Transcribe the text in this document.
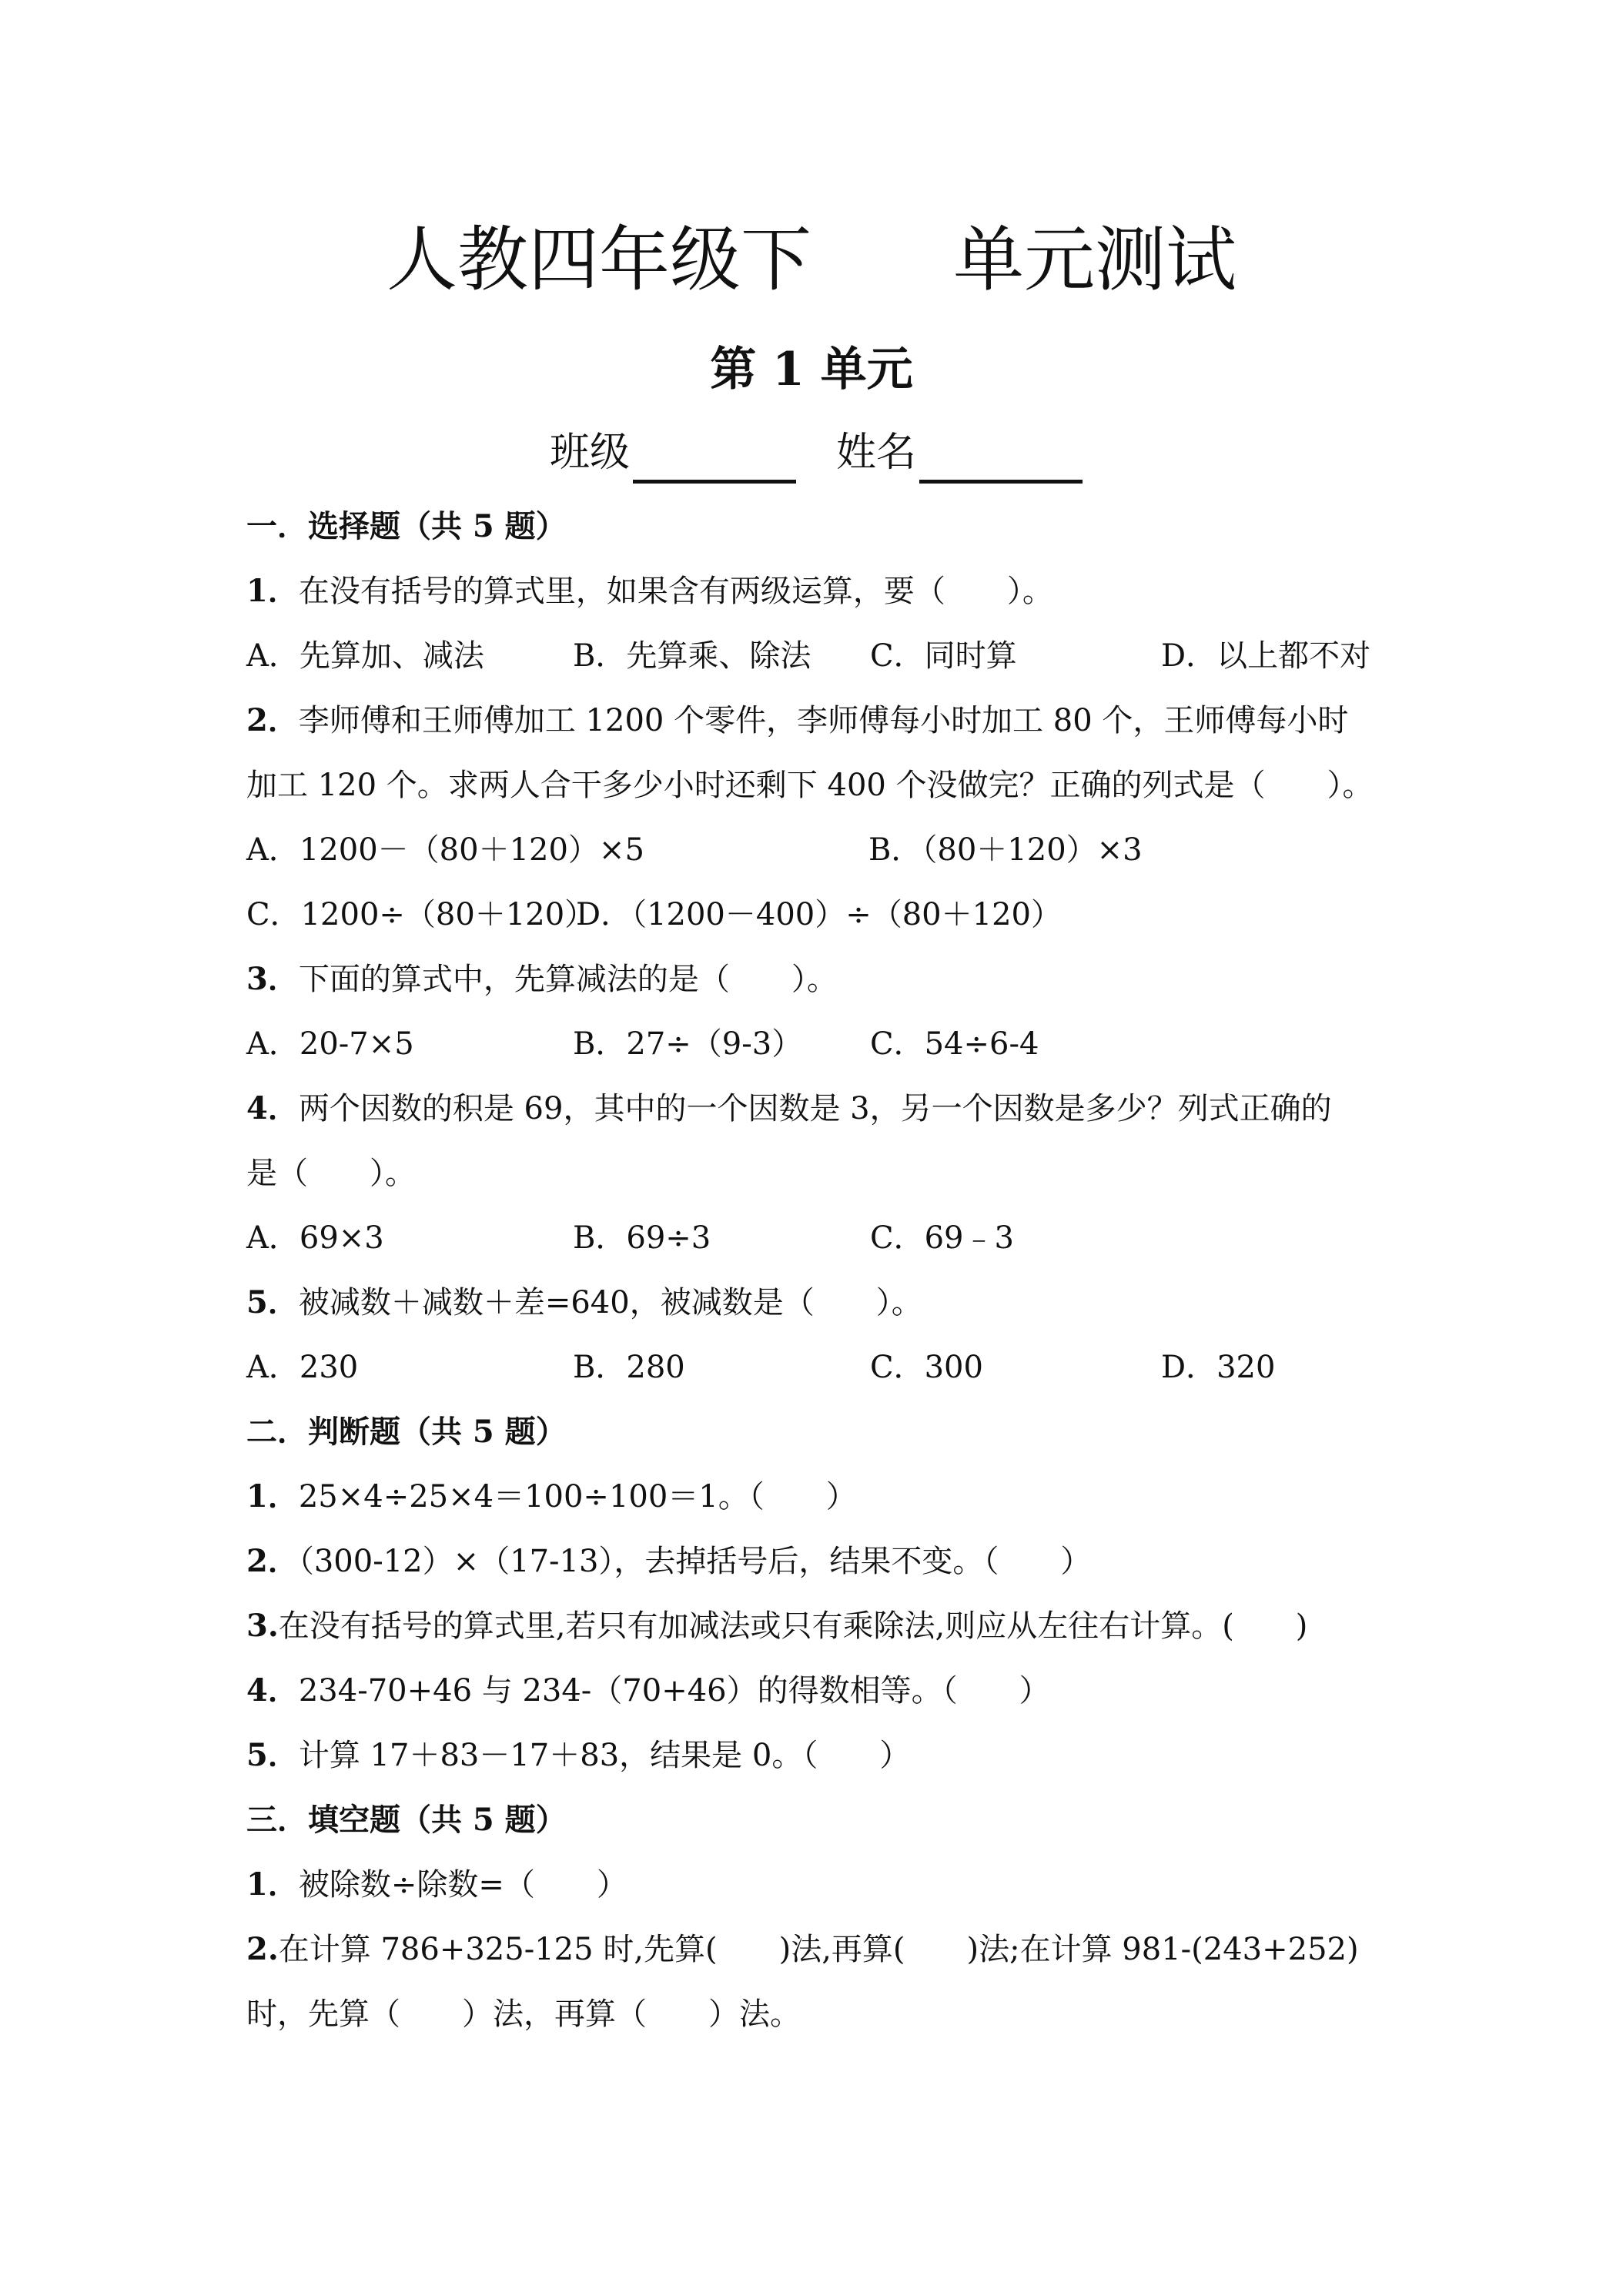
人教四年级下　　单元测试
第 1 单元
班级	姓名
一．选择题（共 5 题）
1．在没有括号的算式里，如果含有两级运算，要（　　）。
A．先算加、减法	B．先算乘、除法 C．同时算	D．以上都不对
2．李师傅和王师傅加工 1200 个零件，李师傅每小时加工 80 个，王师傅每小时
加工 120 个。求两人合干多少小时还剩下 400 个没做完？正确的列式是（　　）。
A．1200－（80＋120）×5	B．（80＋120）×3
C．1200÷（80＋120）
D．（1200－400）÷（80＋120）
3．下面的算式中，先算减法的是（　　）。
A．20-7×5	B．27÷（9-3） C．54÷6-4
4．两个因数的积是 69，其中的一个因数是 3，另一个因数是多少？列式正确的
是（　　）。
A．69×3	B．69÷3	C．69﹣3
5．被减数＋减数＋差=640，被减数是（　　）。
A．230	B．280	C．300	D．320
二．判断题（共 5 题）
1．25×4÷25×4＝100÷100＝1。（　　）
2．（300-12）×（17-13），去掉括号后，结果不变。（　　）
3.在没有括号的算式里,若只有加减法或只有乘除法,则应从左往右计算。(　　)
4．234-70+46 与 234-（70+46）的得数相等。（　　）
5．计算 17＋83－17＋83，结果是 0。（　　）
三．填空题（共 5 题）
1．被除数÷除数=（　　）
2.在计算 786+325-125 时,先算(　　)法,再算(　　)法;在计算 981-(243+252)
时，先算（　　）法，再算（　　）法。
